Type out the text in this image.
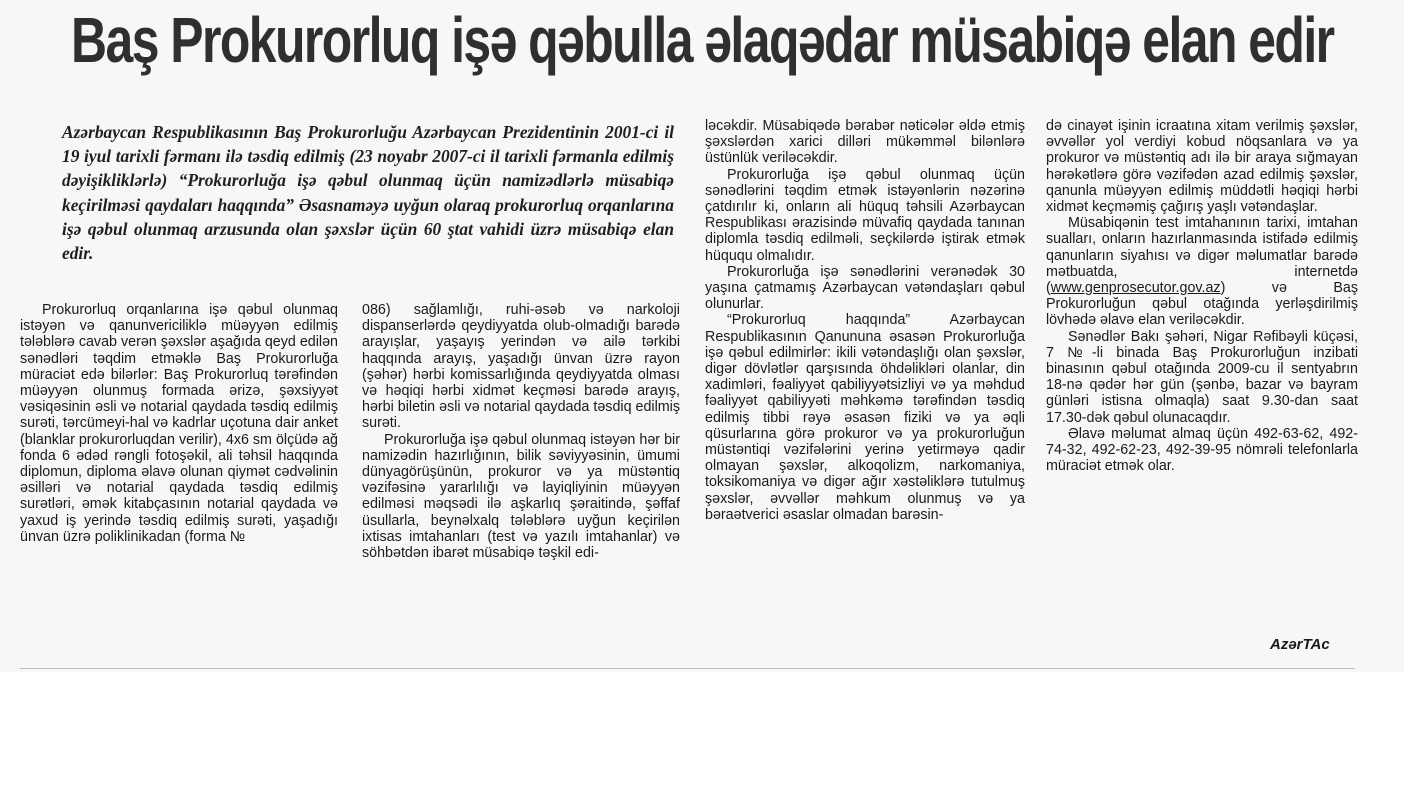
Baş Prokurorluq işə qəbulla əlaqədar müsabiqə elan edir
Azərbaycan Respublikasının Baş Prokurorluğu Azərbaycan Prezidentinin 2001-ci il 19 iyul tarixli fərmanı ilə təsdiq edilmiş (23 noyabr 2007-ci il tarixli fərmanla edilmiş dəyişikliklərlə) “Prokurorluğa işə qəbul olunmaq üçün namizədlərlə müsabiqə keçirilməsi qaydaları haqqında” Əsasnaməyə uyğun olaraq prokurorluq orqanlarına işə qəbul olunmaq arzusunda olan şəxslər üçün 60 ştat vahidi üzrə müsabiqə elan edir.

Prokurorluq orqanlarına işə qəbul olunmaq istəyən və qanunvericiliklə müəyyən edilmiş tələblərə cavab verən şəxslər aşağıda qeyd edilən sənədləri təqdim etməklə Baş Prokurorluğa müraciət edə bilərlər: Baş Prokurorluq tərəfindən müəyyən olunmuş formada ərizə, şəxsiyyət vəsiqəsinin əsli və notarial qaydada təsdiq edilmiş surəti, tərcümeyi-hal və kadrlar uçotuna dair anket (blanklar prokurorluqdan verilir), 4x6 sm ölçüdə ağ fonda 6 ədəd rəngli fotoşəkil, ali təhsil haqqında diplomun, diploma əlavə olunan qiymət cədvəlinin əsilləri və notarial qaydada təsdiq edilmiş surətləri, əmək kitabçasının notarial qaydada və yaxud iş yerində təsdiq edilmiş surəti, yaşadığı ünvan üzrə poliklinikadan (forma №

086) sağlamlığı, ruhi-əsəb və narkoloji dispanserlərdə qeydiyyatda olub-olmadığı barədə arayışlar, yaşayış yerindən və ailə tərkibi haqqında arayış, yaşadığı ünvan üzrə rayon (şəhər) hərbi komissarlığında qeydiyyatda olması və həqiqi hərbi xidmət keçməsi barədə arayış, hərbi biletin əsli və notarial qaydada təsdiq edilmiş surəti.

Prokurorluğa işə qəbul olunmaq istəyən hər bir namizədin hazırlığının, bilik səviyyəsinin, ümumi dünyagörüşünün, prokuror və ya müstəntiq vəzifəsinə yararlılığı və layiqliyinin müəyyən edilməsi məqsədi ilə aşkarlıq şəraitində, şəffaf üsullarla, beynəlxalq tələblərə uyğun keçirilən ixtisas imtahanları (test və yazılı imtahanlar) və söhbətdən ibarət müsabiqə təşkil edi-

ləcəkdir. Müsabiqədə bərabər nəticələr əldə etmiş şəxslərdən xarici dilləri mükəmməl bilənlərə üstünlük veriləcəkdir.

Prokurorluğa işə qəbul olunmaq üçün sənədlərini təqdim etmək istəyənlərin nəzərinə çatdırılır ki, onların ali hüquq təhsili Azərbaycan Respublikası ərazisində müvafiq qaydada tanınan diplomla təsdiq edilməli, seçkilərdə iştirak etmək hüququ olmalıdır.

Prokurorluğa işə sənədlərini verənədək 30 yaşına çatmamış Azərbaycan vətəndaşları qəbul olunurlar.

“Prokurorluq haqqında” Azərbaycan Respublikasının Qanununa əsasən Prokurorluğa işə qəbul edilmirlər: ikili vətəndaşlığı olan şəxslər, digər dövlətlər qarşısında öhdəlikləri olanlar, din xadimləri, fəaliyyət qabiliyyətsizliyi və ya məhdud fəaliyyət qabiliyyəti məhkəmə tərəfindən təsdiq edilmiş tibbi rəyə əsasən fiziki və ya əqli qüsurlarına görə prokuror və ya prokurorluğun müstəntiqi vəzifələrini yerinə yetirməyə qadir olmayan şəxslər, alkoqolizm, narkomaniya, toksikomaniya və digər ağır xəstəliklərə tutulmuş şəxslər, əvvəllər məhkum olunmuş və ya bəraətverici əsaslar olmadan barəsin-

də cinayət işinin icraatına xitam verilmiş şəxslər, əvvəllər yol verdiyi kobud nöqsanlara və ya prokuror və müstəntiq adı ilə bir araya sığmayan hərəkətlərə görə vəzifədən azad edilmiş şəxslər, qanunla müəyyən edilmiş müddətli həqiqi hərbi xidmət keçməmiş çağırış yaşlı vətəndaşlar.

Müsabiqənin test imtahanının tarixi, imtahan sualları, onların hazırlanmasında istifadə edilmiş qanunların siyahısı və digər məlumatlar barədə mətbuatda, internetdə (www.genprosecutor.gov.az) və Baş Prokurorluğun qəbul otağında yerləşdirilmiş lövhədə əlavə elan veriləcəkdir.

Sənədlər Bakı şəhəri, Nigar Rəfibəyli küçəsi, 7 №-li binada Baş Prokurorluğun inzibati binasının qəbul otağında 2009-cu il sentyabrın 18-nə qədər hər gün (şənbə, bazar və bayram günləri istisna olmaqla) saat 9.30-dan saat 17.30-dək qəbul olunacaqdır.

Əlavə məlumat almaq üçün 492-63-62, 492-74-32, 492-62-23, 492-39-95 nömrəli telefonlarla müraciət etmək olar.

AzərTAc
